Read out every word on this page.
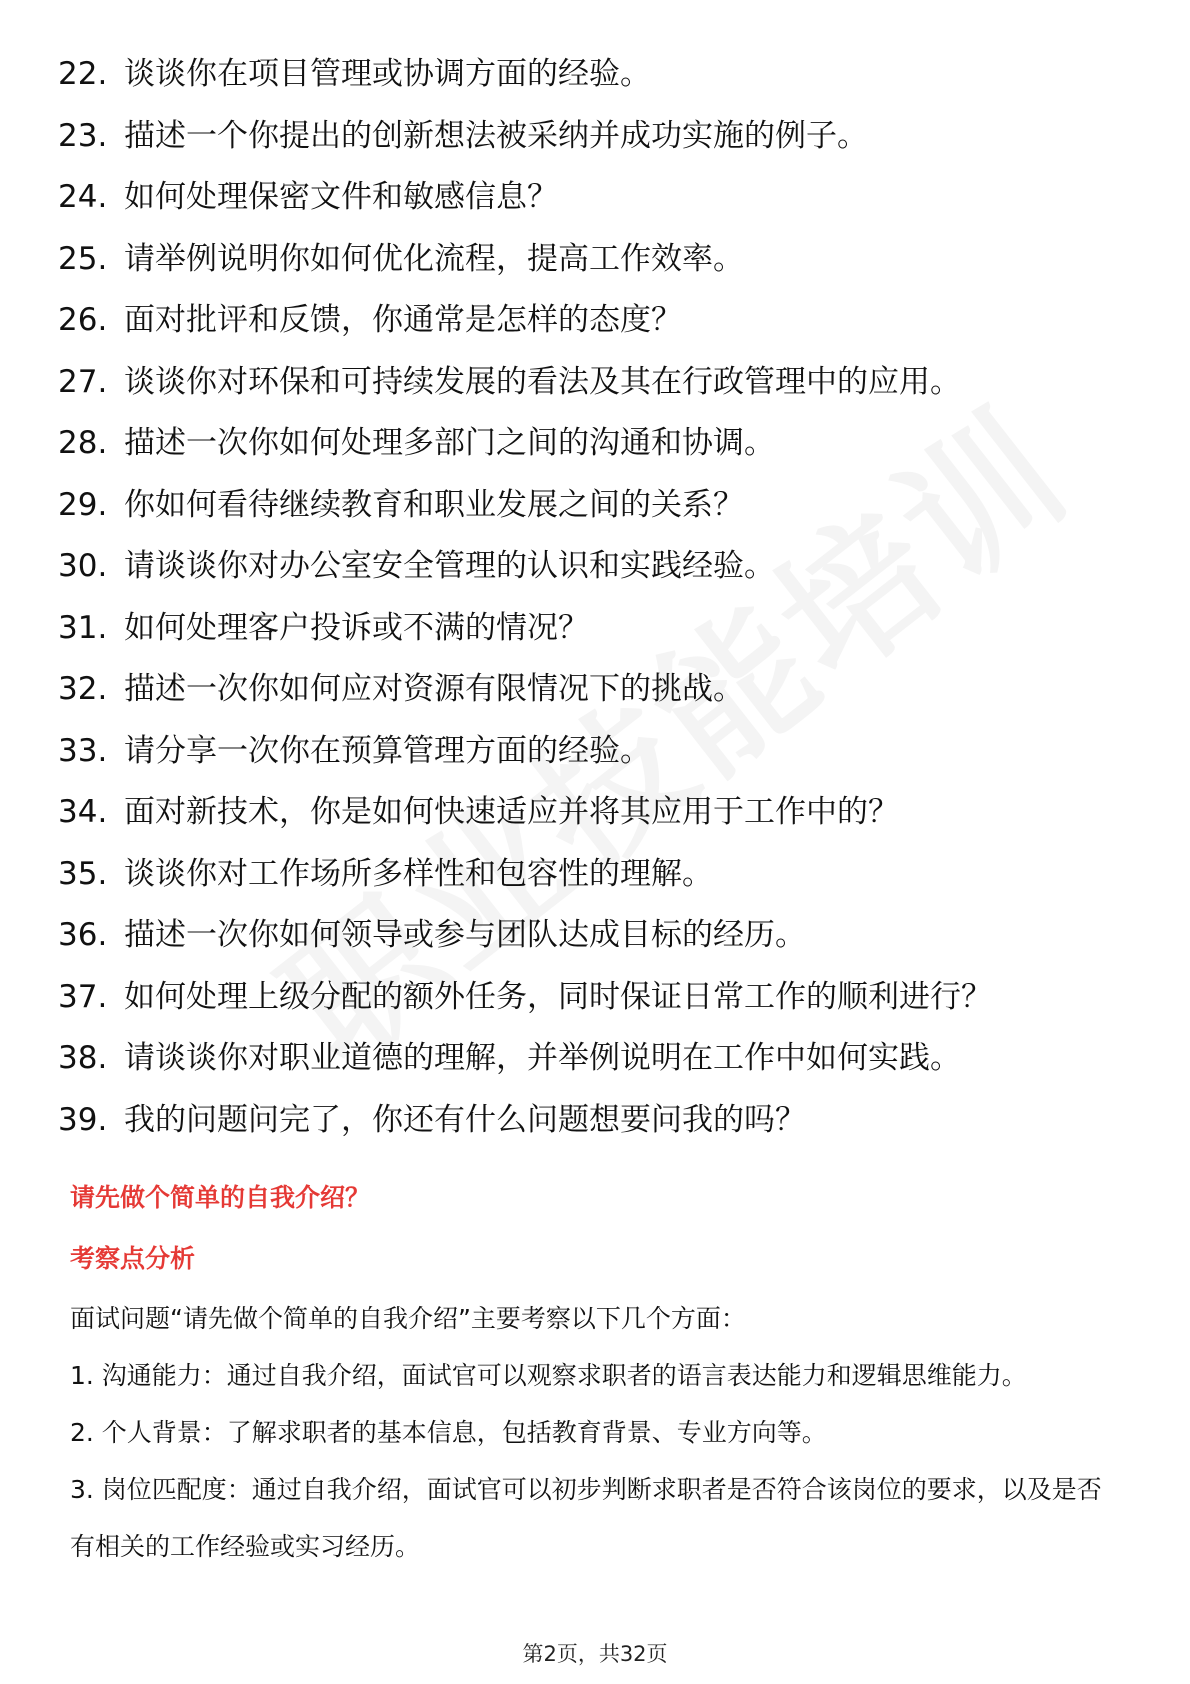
22. 谈谈你在项目管理或协调方面的经验。
23. 描述一个你提出的创新想法被采纳并成功实施的例子。
24. 如何处理保密文件和敏感信息？
25. 请举例说明你如何优化流程，提高工作效率。
26. 面对批评和反馈，你通常是怎样的态度？
27. 谈谈你对环保和可持续发展的看法及其在行政管理中的应用。
28. 描述一次你如何处理多部门之间的沟通和协调。
29. 你如何看待继续教育和职业发展之间的关系？
30. 请谈谈你对办公室安全管理的认识和实践经验。
31. 如何处理客户投诉或不满的情况？
32. 描述一次你如何应对资源有限情况下的挑战。
33. 请分享一次你在预算管理方面的经验。
34. 面对新技术，你是如何快速适应并将其应用于工作中的？
35. 谈谈你对工作场所多样性和包容性的理解。
36. 描述一次你如何领导或参与团队达成目标的经历。
37. 如何处理上级分配的额外任务，同时保证日常工作的顺利进行？
38. 请谈谈你对职业道德的理解，并举例说明在工作中如何实践。
39. 我的问题问完了，你还有什么问题想要问我的吗？
请先做个简单的自我介绍？
考察点分析

面试问题“请先做个简单的自我介绍”主要考察以下几个方面：

1. 沟通能力：通过自我介绍，面试官可以观察求职者的语言表达能力和逻辑思维能力。

2. 个人背景：了解求职者的基本信息，包括教育背景、专业方向等。

3. 岗位匹配度：通过自我介绍，面试官可以初步判断求职者是否符合该岗位的要求，以及是否有相关的工作经验或实习经历。

第2页，共32页
